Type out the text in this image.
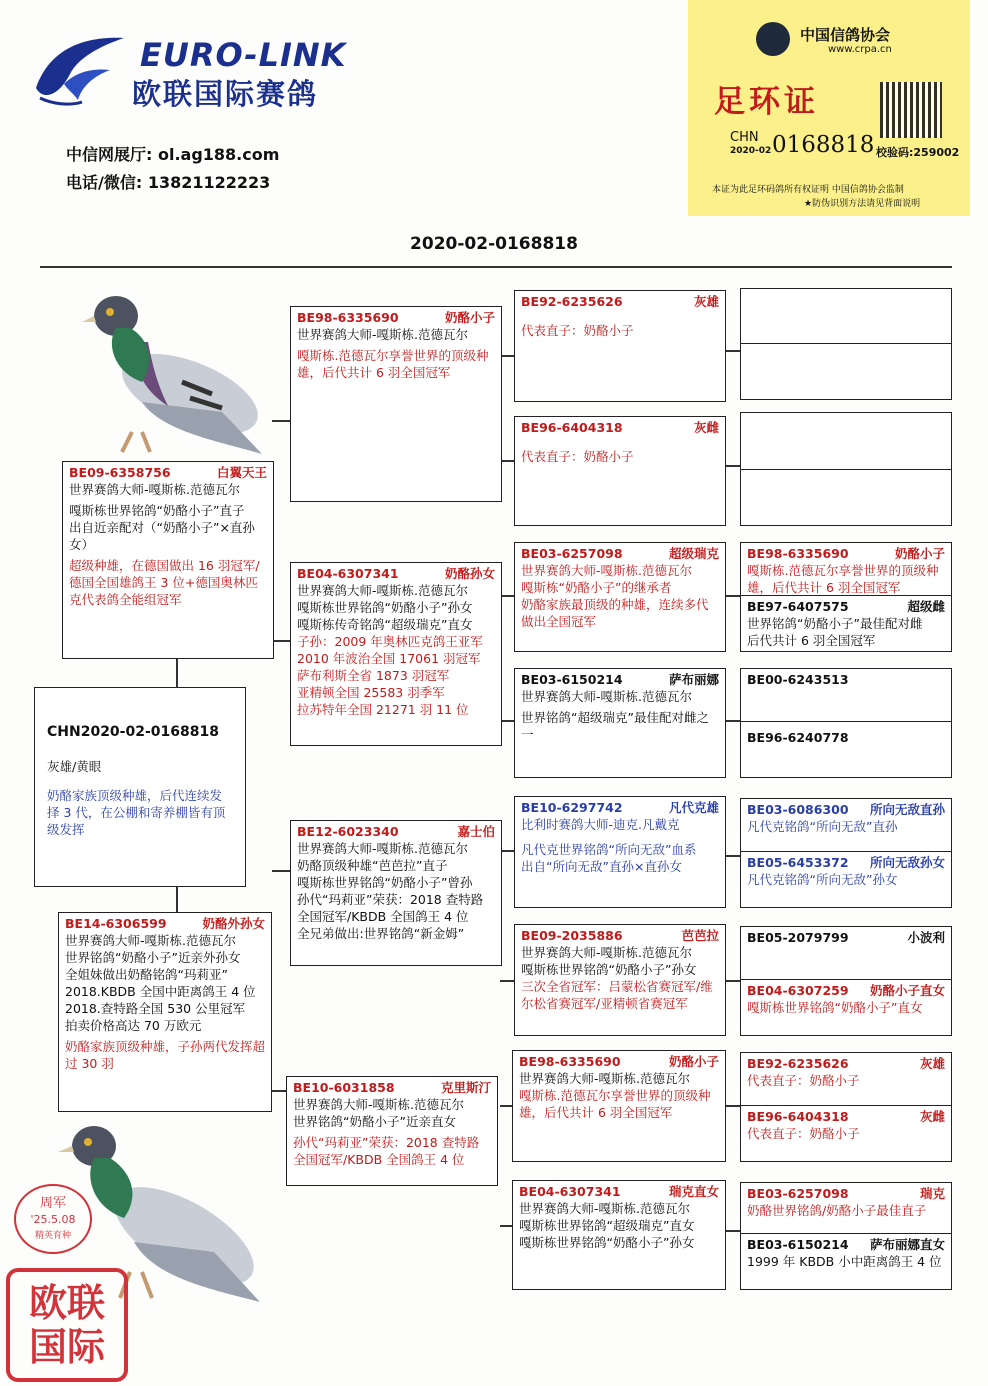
EURO-LINK
欧联国际赛鸽
中信网展厅: ol.ag188.com
电话/微信: 13821122223
中国信鸽协会
www.crpa.cn
足环证
CHN
2020-02 0168818 校验码:259002
本证为此足环码鸽所有权证明 中国信鸽协会监制
★防伪识别方法请见背面说明
2020-02-0168818
周军
'25.5.08
精英育种
欧联国际
CHN2020-02-0168818
灰雄/黄眼
奶酪家族顶级种雄，后代连续发择 3 代，在公棚和寄养棚皆有顶级发挥
BE09-6358756	白翼天王
世界赛鸽大师-嘎斯栋.范德瓦尔
嘎斯栋世界铭鸽“奶酪小子”直子
出自近亲配对（“奶酪小子”×直孙女）
超级种雄，在德国做出 16 羽冠军/德国全国雄鸽王 3 位+德国奥林匹克代表鸽全能组冠军
BE14-6306599	奶酪外孙女
世界赛鸽大师-嘎斯栋.范德瓦尔
世界铭鸽“奶酪小子”近亲外孙女
全姐妹做出奶酪铭鸽“玛莉亚”
2018.KBDB 全国中距离鸽王 4 位
2018.查特路全国 530 公里冠军
拍卖价格高达 70 万欧元
奶酪家族顶级种雄，子孙两代发挥超过 30 羽
BE98-6335690	奶酪小子
世界赛鸽大师-嘎斯栋.范德瓦尔
嘎斯栋.范德瓦尔享誉世界的顶级种雄，后代共计 6 羽全国冠军
BE04-6307341	奶酪孙女
世界赛鸽大师-嘎斯栋.范德瓦尔
嘎斯栋世界铭鸽“奶酪小子”孙女
嘎斯栋传奇铭鸽“超级瑞克”直女
子孙：2009 年奥林匹克鸽王亚军
2010 年波治全国 17061 羽冠军
萨布利斯全省 1873 羽冠军
亚精顿全国 25583 羽季军
拉苏特年全国 21271 羽 11 位
BE12-6023340	嘉士伯
世界赛鸽大师-嘎斯栋.范德瓦尔
奶酪顶级种雄“芭芭拉”直子
嘎斯栋世界铭鸽“奶酪小子”曾孙
孙代“玛莉亚”荣获：2018 查特路全国冠军/KBDB 全国鸽王 4 位
全兄弟做出:世界铭鸽“新金姆”
BE10-6031858	克里斯汀
世界赛鸽大师-嘎斯栋.范德瓦尔
世界铭鸽“奶酪小子”近亲直女
孙代“玛莉亚”荣获：2018 查特路全国冠军/KBDB 全国鸽王 4 位
BE92-6235626	灰雄
代表直子：奶酪小子
BE96-6404318	灰雌
代表直子：奶酪小子
BE03-6257098	超级瑞克
世界赛鸽大师-嘎斯栋.范德瓦尔
嘎斯栋“奶酪小子”的继承者
奶酪家族最顶级的种雄，连续多代做出全国冠军
BE03-6150214	萨布丽娜
世界赛鸽大师-嘎斯栋.范德瓦尔
世界铭鸽“超级瑞克”最佳配对雌之一
BE10-6297742	凡代克雄
比利时赛鸽大师-迪克.凡戴克
凡代克世界铭鸽“所向无敌”血系
出自“所向无敌”直孙×直孙女
BE09-2035886	芭芭拉
世界赛鸽大师-嘎斯栋.范德瓦尔
嘎斯栋世界铭鸽“奶酪小子”孙女
三次全省冠军：吕蒙松省赛冠军/维尔松省赛冠军/亚精顿省赛冠军
BE98-6335690	奶酪小子
世界赛鸽大师-嘎斯栋.范德瓦尔
嘎斯栋.范德瓦尔享誉世界的顶级种雄，后代共计 6 羽全国冠军
BE04-6307341	瑞克直女
世界赛鸽大师-嘎斯栋.范德瓦尔
嘎斯栋世界铭鸽“超级瑞克”直女
嘎斯栋世界铭鸽“奶酪小子”孙女
BE98-6335690	奶酪小子
嘎斯栋.范德瓦尔享誉世界的顶级种雄，后代共计 6 羽全国冠军
BE97-6407575	超级雌
世界铭鸽“奶酪小子”最佳配对雌
后代共计 6 羽全国冠军
BE00-6243513
BE96-6240778
BE03-6086300 所向无敌直孙
凡代克铭鸽“所向无敌”直孙
BE05-6453372 所向无敌孙女
凡代克铭鸽“所向无敌”孙女
BE05-2079799	小波利
BE04-6307259 奶酪小子直女
嘎斯栋世界铭鸽“奶酪小子”直女
BE92-6235626	灰雄
代表直子：奶酪小子
BE96-6404318	灰雌
代表直子：奶酪小子
BE03-6257098	瑞克
奶酪世界铭鸽/奶酪小子最佳直子
BE03-6150214 萨布丽娜直女
1999 年 KBDB 小中距离鸽王 4 位
